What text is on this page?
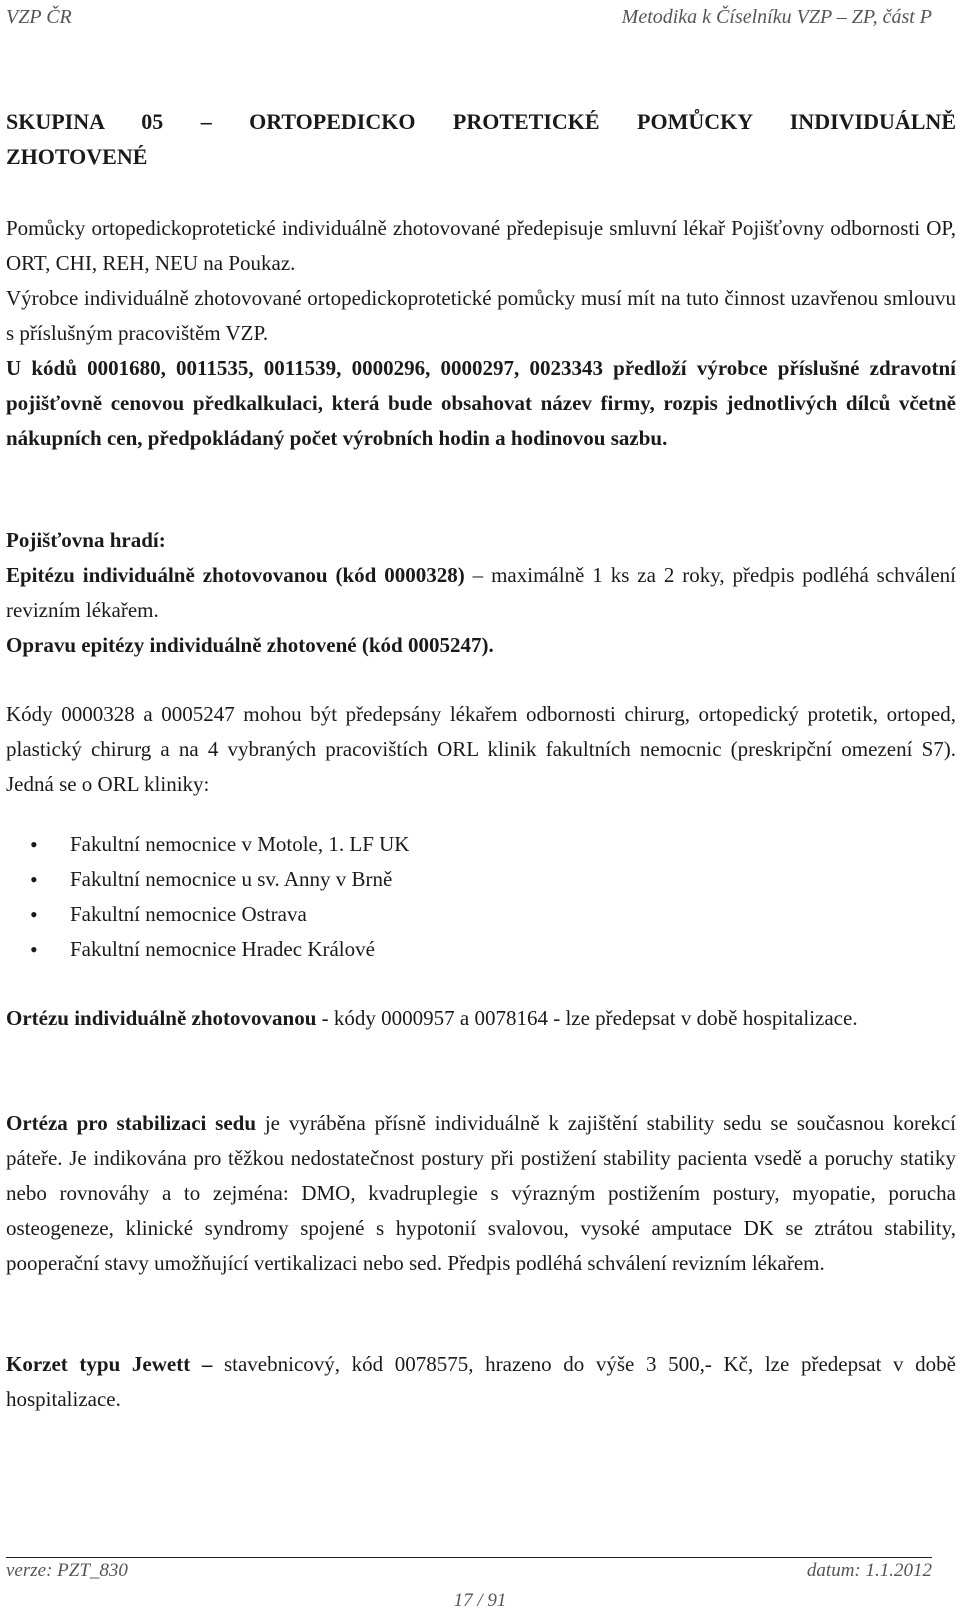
VZP ČR	Metodika k Číselníku VZP – ZP, část P
SKUPINA 05 – ORTOPEDICKO PROTETICKÉ POMŮCKY INDIVIDUÁLNĚ
ZHOTOVENÉ
Pomůcky ortopedickoprotetické individuálně zhotovované předepisuje smluvní lékař Pojišťovny odbornosti OP, ORT, CHI, REH, NEU na Poukaz.
Výrobce individuálně zhotovované ortopedickoprotetické pomůcky musí mít na tuto činnost uzavřenou smlouvu s příslušným pracovištěm VZP.
U kódů 0001680, 0011535, 0011539, 0000296, 0000297, 0023343 předloží výrobce příslušné zdravotní pojišťovně cenovou předkalkulaci, která bude obsahovat název firmy, rozpis jednotlivých dílců včetně nákupních cen, předpokládaný počet výrobních hodin a hodinovou sazbu.
Pojišťovna hradí:
Epitézu individuálně zhotovovanou (kód 0000328) – maximálně 1 ks za 2 roky, předpis podléhá schválení revizním lékařem.
Opravu epitézy individuálně zhotovené (kód 0005247).
Kódy 0000328 a 0005247 mohou být předepsány lékařem odbornosti chirurg, ortopedický protetik, ortoped, plastický chirurg a na 4 vybraných pracovištích ORL klinik fakultních nemocnic (preskripční omezení S7). Jedná se o ORL kliniky:
• Fakultní nemocnice v Motole, 1. LF UK
• Fakultní nemocnice u sv. Anny v Brně
• Fakultní nemocnice Ostrava
• Fakultní nemocnice Hradec Králové
Ortézu individuálně zhotovovanou - kódy 0000957 a 0078164 - lze předepsat v době hospitalizace.
Ortéza pro stabilizaci sedu je vyráběna přísně individuálně k zajištění stability sedu se současnou korekcí páteře. Je indikována pro těžkou nedostatečnost postury při postižení stability pacienta vsedě a poruchy statiky nebo rovnováhy a to zejména: DMO, kvadruplegie s výrazným postižením postury, myopatie, porucha osteogeneze, klinické syndromy spojené s hypotonií svalovou, vysoké amputace DK se ztrátou stability, pooperační stavy umožňující vertikalizaci nebo sed. Předpis podléhá schválení revizním lékařem.
Korzet typu Jewett – stavebnicový, kód 0078575, hrazeno do výše 3 500,- Kč, lze předepsat v době hospitalizace.
verze: PZT_830	datum: 1.1.2012
17 / 91
